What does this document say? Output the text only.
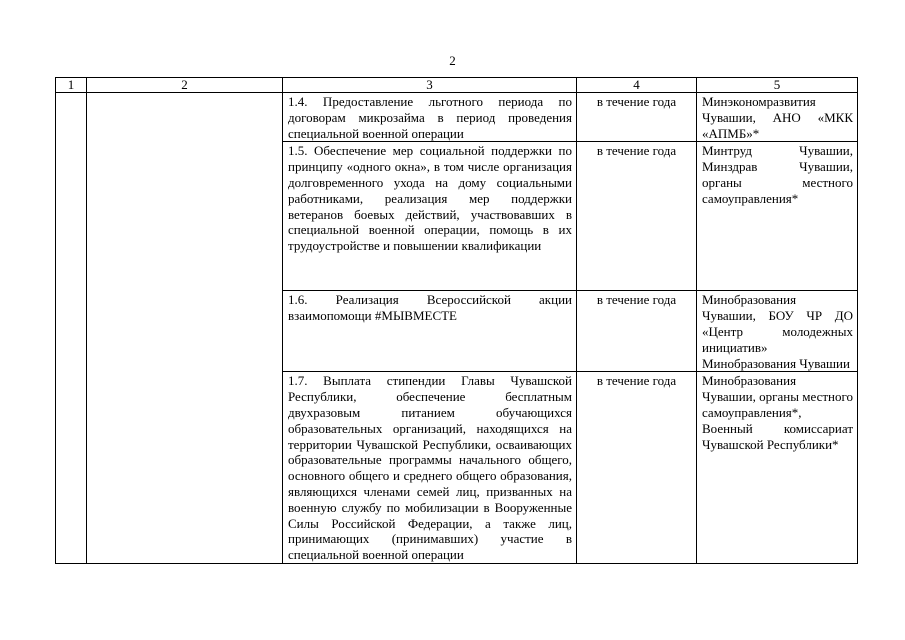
2
1	2	3	4	5

		1.4. Предоставление льготного периода по договорам микрозайма в период проведения специальной военной операции	в течение года	Минэкономразвития Чувашии, АНО «МКК «АПМБ»*

		1.5. Обеспечение мер социальной поддержки по принципу «одного окна», в том числе организация долговременного ухода на дому социальными работниками, реализация мер поддержки ветеранов боевых действий, участвовавших в специальной военной операции, помощь в их трудоустройстве и повышении квалификации	в течение года	Минтруд Чувашии, Минздрав Чувашии, органы местного самоуправления*

		1.6. Реализация Всероссийской акции взаимопомощи #МЫВМЕСТЕ	в течение года	Минобразования Чувашии, БОУ ЧР ДО «Центр молодежных инициатив» Минобразования Чувашии

		1.7. Выплата стипендии Главы Чувашской Республики, обеспечение бесплатным двухразовым питанием обучающихся образовательных организаций, находящихся на территории Чувашской Республики, осваивающих образовательные программы начального общего, основного общего и среднего общего образования, являющихся членами семей лиц, призванных на военную службу по мобилизации в Вооруженные Силы Российской Федерации, а также лиц, принимающих (принимавших) участие в специальной военной операции	в течение года	Минобразования Чувашии, органы местного самоуправления*, Военный комиссариат Чувашской Республики*
